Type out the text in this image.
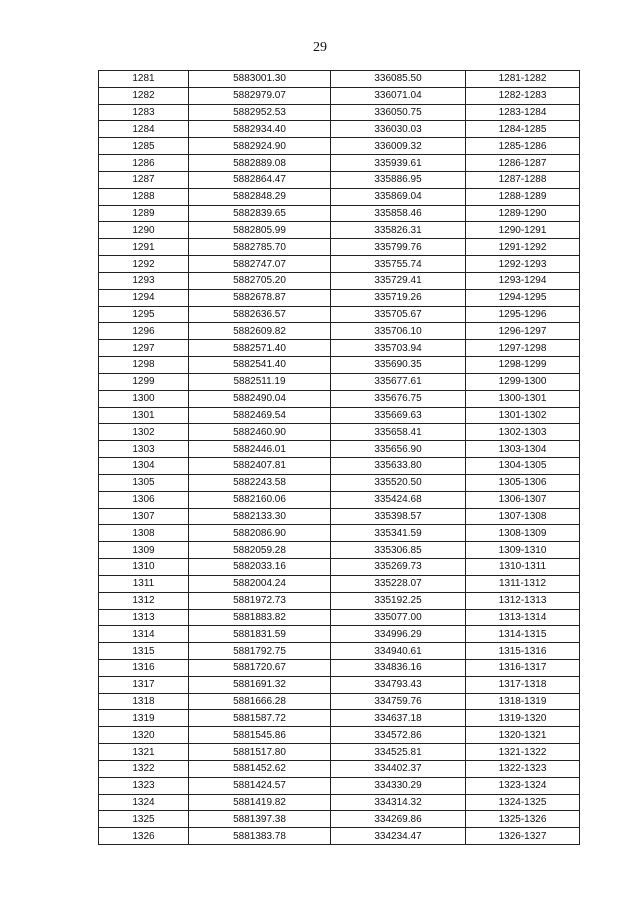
29
1281	5883001.30	336085.50	1281-1282
1282	5882979.07	336071.04	1282-1283
1283	5882952.53	336050.75	1283-1284
1284	5882934.40	336030.03	1284-1285
1285	5882924.90	336009.32	1285-1286
1286	5882889.08	335939.61	1286-1287
1287	5882864.47	335886.95	1287-1288
1288	5882848.29	335869.04	1288-1289
1289	5882839.65	335858.46	1289-1290
1290	5882805.99	335826.31	1290-1291
1291	5882785.70	335799.76	1291-1292
1292	5882747.07	335755.74	1292-1293
1293	5882705.20	335729.41	1293-1294
1294	5882678.87	335719.26	1294-1295
1295	5882636.57	335705.67	1295-1296
1296	5882609.82	335706.10	1296-1297
1297	5882571.40	335703.94	1297-1298
1298	5882541.40	335690.35	1298-1299
1299	5882511.19	335677.61	1299-1300
1300	5882490.04	335676.75	1300-1301
1301	5882469.54	335669.63	1301-1302
1302	5882460.90	335658.41	1302-1303
1303	5882446.01	335656.90	1303-1304
1304	5882407.81	335633.80	1304-1305
1305	5882243.58	335520.50	1305-1306
1306	5882160.06	335424.68	1306-1307
1307	5882133.30	335398.57	1307-1308
1308	5882086.90	335341.59	1308-1309
1309	5882059.28	335306.85	1309-1310
1310	5882033.16	335269.73	1310-1311
1311	5882004.24	335228.07	1311-1312
1312	5881972.73	335192.25	1312-1313
1313	5881883.82	335077.00	1313-1314
1314	5881831.59	334996.29	1314-1315
1315	5881792.75	334940.61	1315-1316
1316	5881720.67	334836.16	1316-1317
1317	5881691.32	334793.43	1317-1318
1318	5881666.28	334759.76	1318-1319
1319	5881587.72	334637.18	1319-1320
1320	5881545.86	334572.86	1320-1321
1321	5881517.80	334525.81	1321-1322
1322	5881452.62	334402.37	1322-1323
1323	5881424.57	334330.29	1323-1324
1324	5881419.82	334314.32	1324-1325
1325	5881397.38	334269.86	1325-1326
1326	5881383.78	334234.47	1326-1327
